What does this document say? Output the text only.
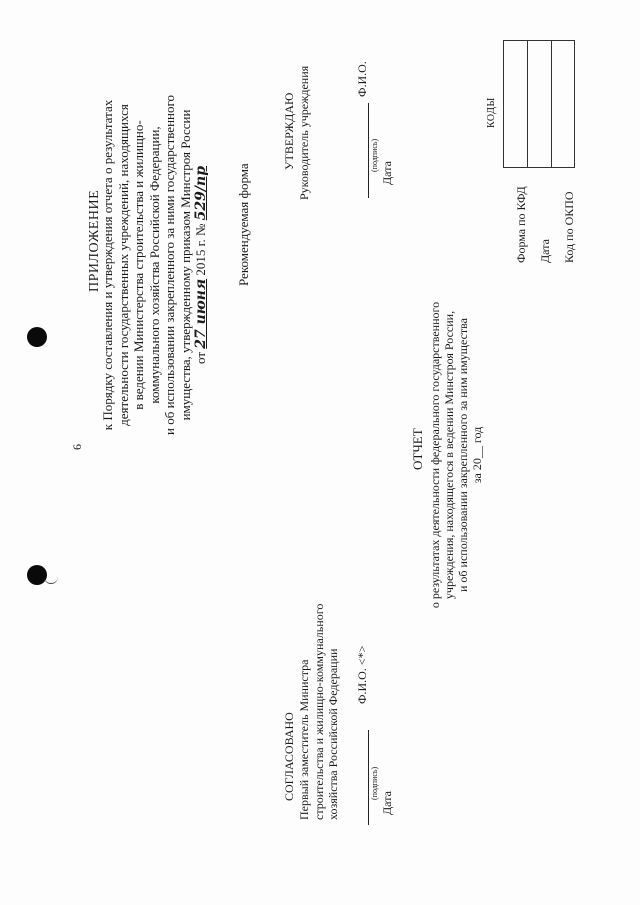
6
ПРИЛОЖЕНИЕ
к Порядку составления и утверждения отчета о результатах деятельности государственных учреждений, находящихся в ведении Министерства строительства и жилищно- коммунального хозяйства Российской Федерации, и об использовании закрепленного за ними государственного имущества, утвержденному приказом Минстроя России от 27 июня 2015 г. № 529/пр Рекомендуемая форма
УТВЕРЖДАЮ Руководитель учреждения	(подпись)
Ф.И.О.
Дата
СОГЛАСОВАНО Первый заместитель Министра строительства и жилищно-коммунального хозяйства Российской Федерации Ф.И.О. <*>
(подпись)
Дата
ОТЧЕТ о результатах деятельности федерального государственного учреждения, находящегося в ведении Минстроя России, и об использовании закрепленного за ним имущества за 20__ год
КОДЫ
Форма по КФД Дата Код по ОКПО
